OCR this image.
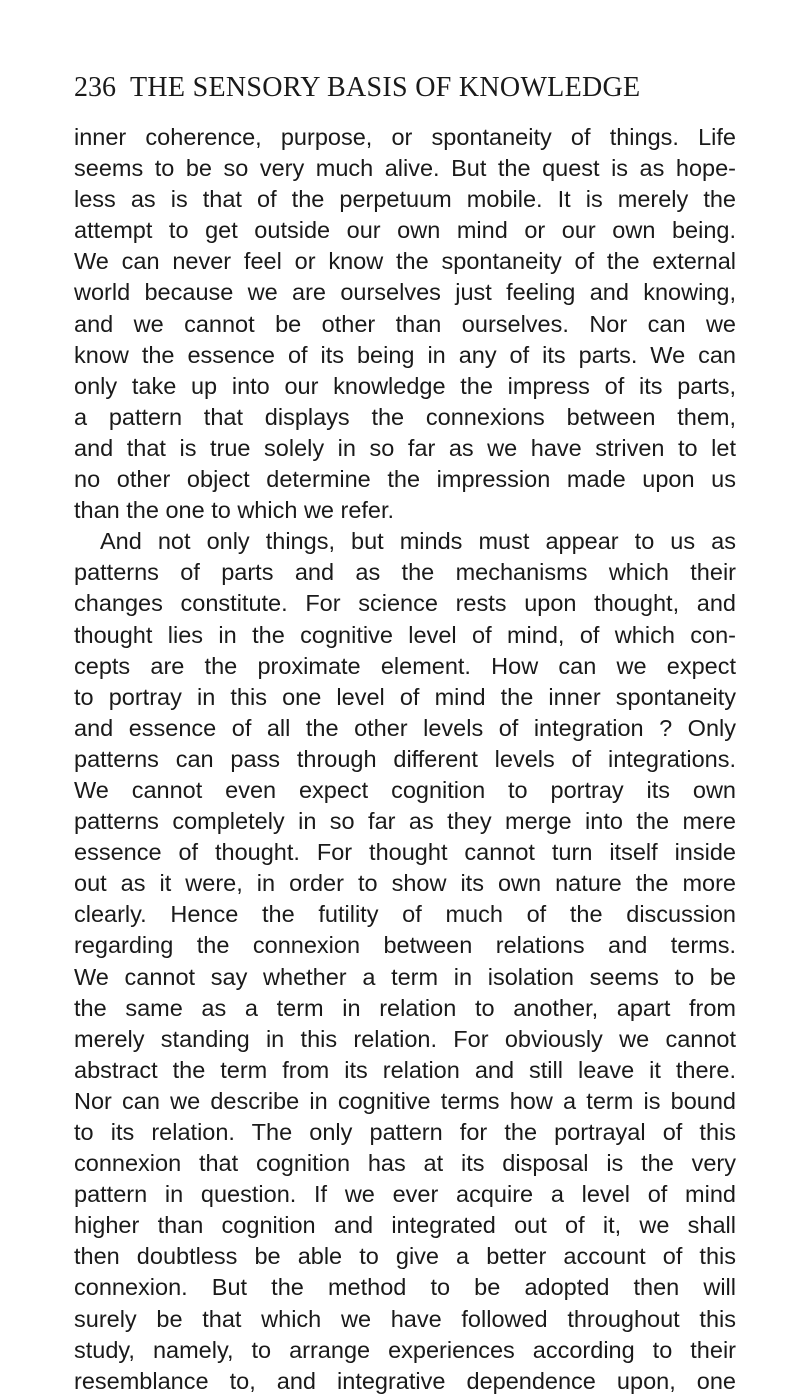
236 THE SENSORY BASIS OF KNOWLEDGE
inner coherence, purpose, or spontaneity of things. Life
seems to be so very much alive. But the quest is as hope-
less as is that of the perpetuum mobile. It is merely the
attempt to get outside our own mind or our own being.
We can never feel or know the spontaneity of the external
world because we are ourselves just feeling and knowing,
and we cannot be other than ourselves. Nor can we
know the essence of its being in any of its parts. We can
only take up into our knowledge the impress of its parts,
a pattern that displays the connexions between them,
and that is true solely in so far as we have striven to let
no other object determine the impression made upon us
than the one to which we refer.
And not only things, but minds must appear to us as
patterns of parts and as the mechanisms which their
changes constitute. For science rests upon thought, and
thought lies in the cognitive level of mind, of which con-
cepts are the proximate element. How can we expect
to portray in this one level of mind the inner spontaneity
and essence of all the other levels of integration ? Only
patterns can pass through different levels of integrations.
We cannot even expect cognition to portray its own
patterns completely in so far as they merge into the mere
essence of thought. For thought cannot turn itself inside
out as it were, in order to show its own nature the more
clearly. Hence the futility of much of the discussion
regarding the connexion between relations and terms.
We cannot say whether a term in isolation seems to be
the same as a term in relation to another, apart from
merely standing in this relation. For obviously we cannot
abstract the term from its relation and still leave it there.
Nor can we describe in cognitive terms how a term is bound
to its relation. The only pattern for the portrayal of this
connexion that cognition has at its disposal is the very
pattern in question. If we ever acquire a level of mind
higher than cognition and integrated out of it, we shall
then doubtless be able to give a better account of this
connexion. But the method to be adopted then will
surely be that which we have followed throughout this
study, namely, to arrange experiences according to their
resemblance to, and integrative dependence upon, one
